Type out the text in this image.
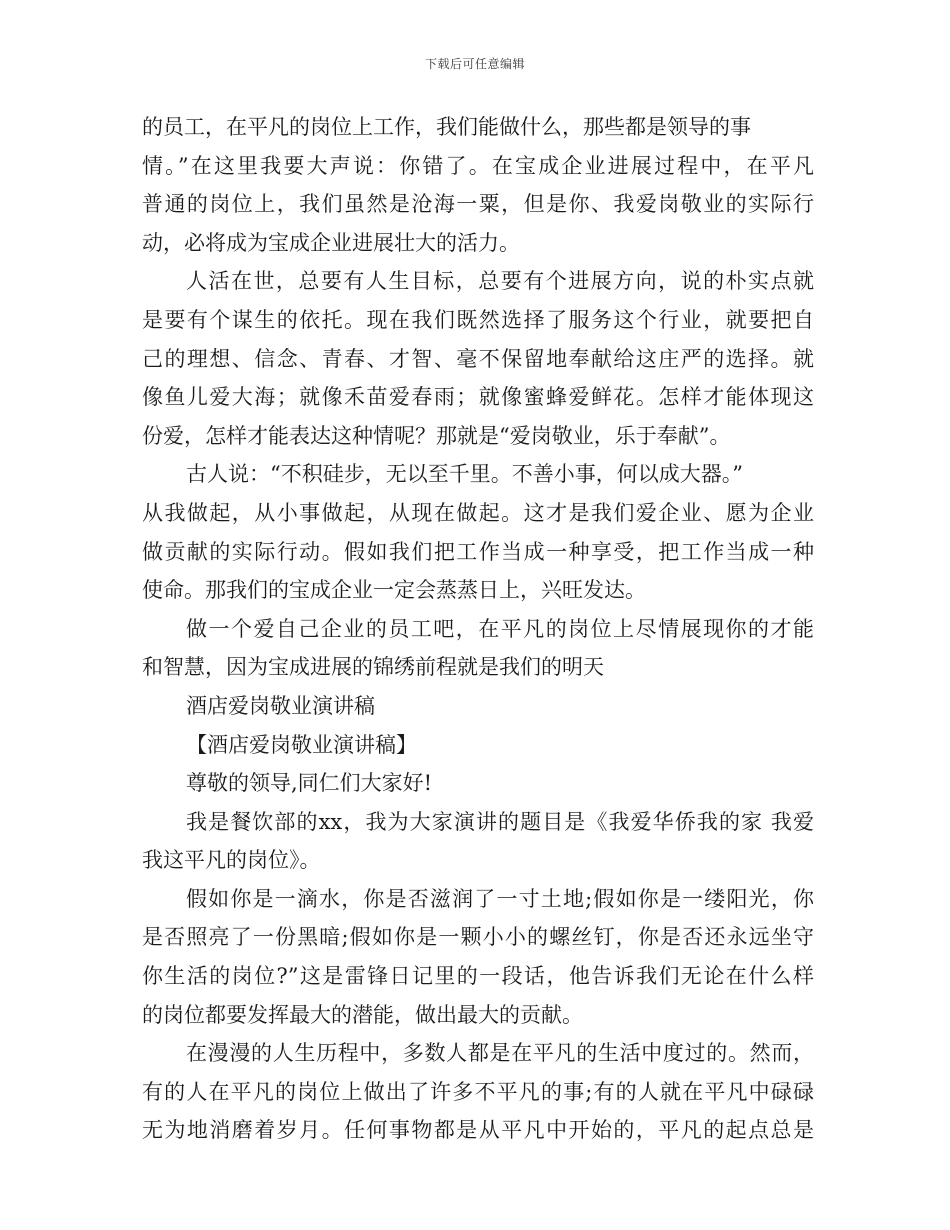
下载后可任意编辑
的员工，在平凡的岗位上工作，我们能做什么，那些都是领导的事
情。”在这里我要大声说：你错了。在宝成企业进展过程中，在平凡
普通的岗位上，我们虽然是沧海一粟，但是你、我爱岗敬业的实际行
动，必将成为宝成企业进展壮大的活力。
人活在世，总要有人生目标，总要有个进展方向，说的朴实点就
是要有个谋生的依托。现在我们既然选择了服务这个行业，就要把自
己的理想、信念、青春、才智、毫不保留地奉献给这庄严的选择。就
像鱼儿爱大海；就像禾苗爱春雨；就像蜜蜂爱鲜花。怎样才能体现这
份爱，怎样才能表达这种情呢？那就是“爱岗敬业，乐于奉献”。
古人说：“不积硅步，无以至千里。不善小事，何以成大器。”
从我做起，从小事做起，从现在做起。这才是我们爱企业、愿为企业
做贡献的实际行动。假如我们把工作当成一种享受，把工作当成一种
使命。那我们的宝成企业一定会蒸蒸日上，兴旺发达。
做一个爱自己企业的员工吧，在平凡的岗位上尽情展现你的才能
和智慧，因为宝成进展的锦绣前程就是我们的明天
酒店爱岗敬业演讲稿
【酒店爱岗敬业演讲稿】
尊敬的领导,同仁们大家好!
我是餐饮部的xx，我为大家演讲的题目是《我爱华侨我的家 我爱
我这平凡的岗位》。
假如你是一滴水，你是否滋润了一寸土地;假如你是一缕阳光，你
是否照亮了一份黑暗;假如你是一颗小小的螺丝钉，你是否还永远坐守
你生活的岗位?”这是雷锋日记里的一段话，他告诉我们无论在什么样
的岗位都要发挥最大的潜能，做出最大的贡献。
在漫漫的人生历程中，多数人都是在平凡的生活中度过的。然而，
有的人在平凡的岗位上做出了许多不平凡的事;有的人就在平凡中碌碌
无为地消磨着岁月。任何事物都是从平凡中开始的，平凡的起点总是
